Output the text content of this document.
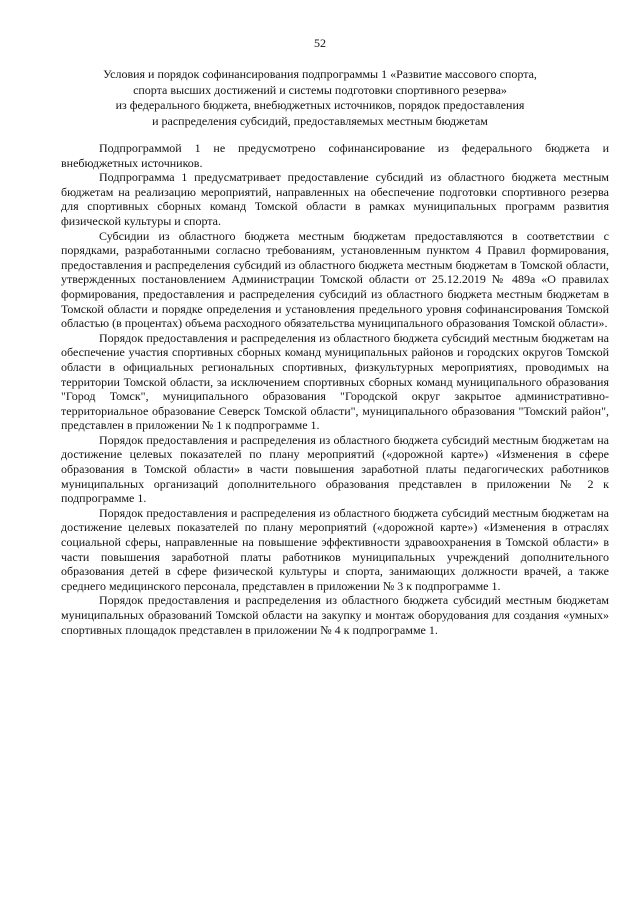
52
Условия и порядок софинансирования подпрограммы 1 «Развитие массового спорта,
спорта высших достижений и системы подготовки спортивного резерва»
из федерального бюджета, внебюджетных источников, порядок предоставления
и распределения субсидий, предоставляемых местным бюджетам

Подпрограммой 1 не предусмотрено софинансирование из федерального бюджета и внебюджетных источников.

Подпрограмма 1 предусматривает предоставление субсидий из областного бюджета местным бюджетам на реализацию мероприятий, направленных на обеспечение подготовки спортивного резерва для спортивных сборных команд Томской области в рамках муниципальных программ развития физической культуры и спорта.

Субсидии из областного бюджета местным бюджетам предоставляются в соответствии с порядками, разработанными согласно требованиям, установленным пунктом 4 Правил формирования, предоставления и распределения субсидий из областного бюджета местным бюджетам в Томской области, утвержденных постановлением Администрации Томской области от 25.12.2019 № 489а «О правилах формирования, предоставления и распределения субсидий из областного бюджета местным бюджетам в Томской области и порядке определения и установления предельного уровня софинансирования Томской областью (в процентах) объема расходного обязательства муниципального образования Томской области».

Порядок предоставления и распределения из областного бюджета субсидий местным бюджетам на обеспечение участия спортивных сборных команд муниципальных районов и городских округов Томской области в официальных региональных спортивных, физкультурных мероприятиях, проводимых на территории Томской области, за исключением спортивных сборных команд муниципального образования "Город Томск", муниципального образования "Городской округ закрытое административно-территориальное образование Северск Томской области", муниципального образования "Томский район", представлен в приложении № 1 к подпрограмме 1.

Порядок предоставления и распределения из областного бюджета субсидий местным бюджетам на достижение целевых показателей по плану мероприятий («дорожной карте») «Изменения в сфере образования в Томской области» в части повышения заработной платы педагогических работников муниципальных организаций дополнительного образования представлен в приложении № 2 к подпрограмме 1.

Порядок предоставления и распределения из областного бюджета субсидий местным бюджетам на достижение целевых показателей по плану мероприятий («дорожной карте») «Изменения в отраслях социальной сферы, направленные на повышение эффективности здравоохранения в Томской области» в части повышения заработной платы работников муниципальных учреждений дополнительного образования детей в сфере физической культуры и спорта, занимающих должности врачей, а также среднего медицинского персонала, представлен в приложении № 3 к подпрограмме 1.

Порядок предоставления и распределения из областного бюджета субсидий местным бюджетам муниципальных образований Томской области на закупку и монтаж оборудования для создания «умных» спортивных площадок представлен в приложении № 4 к подпрограмме 1.
